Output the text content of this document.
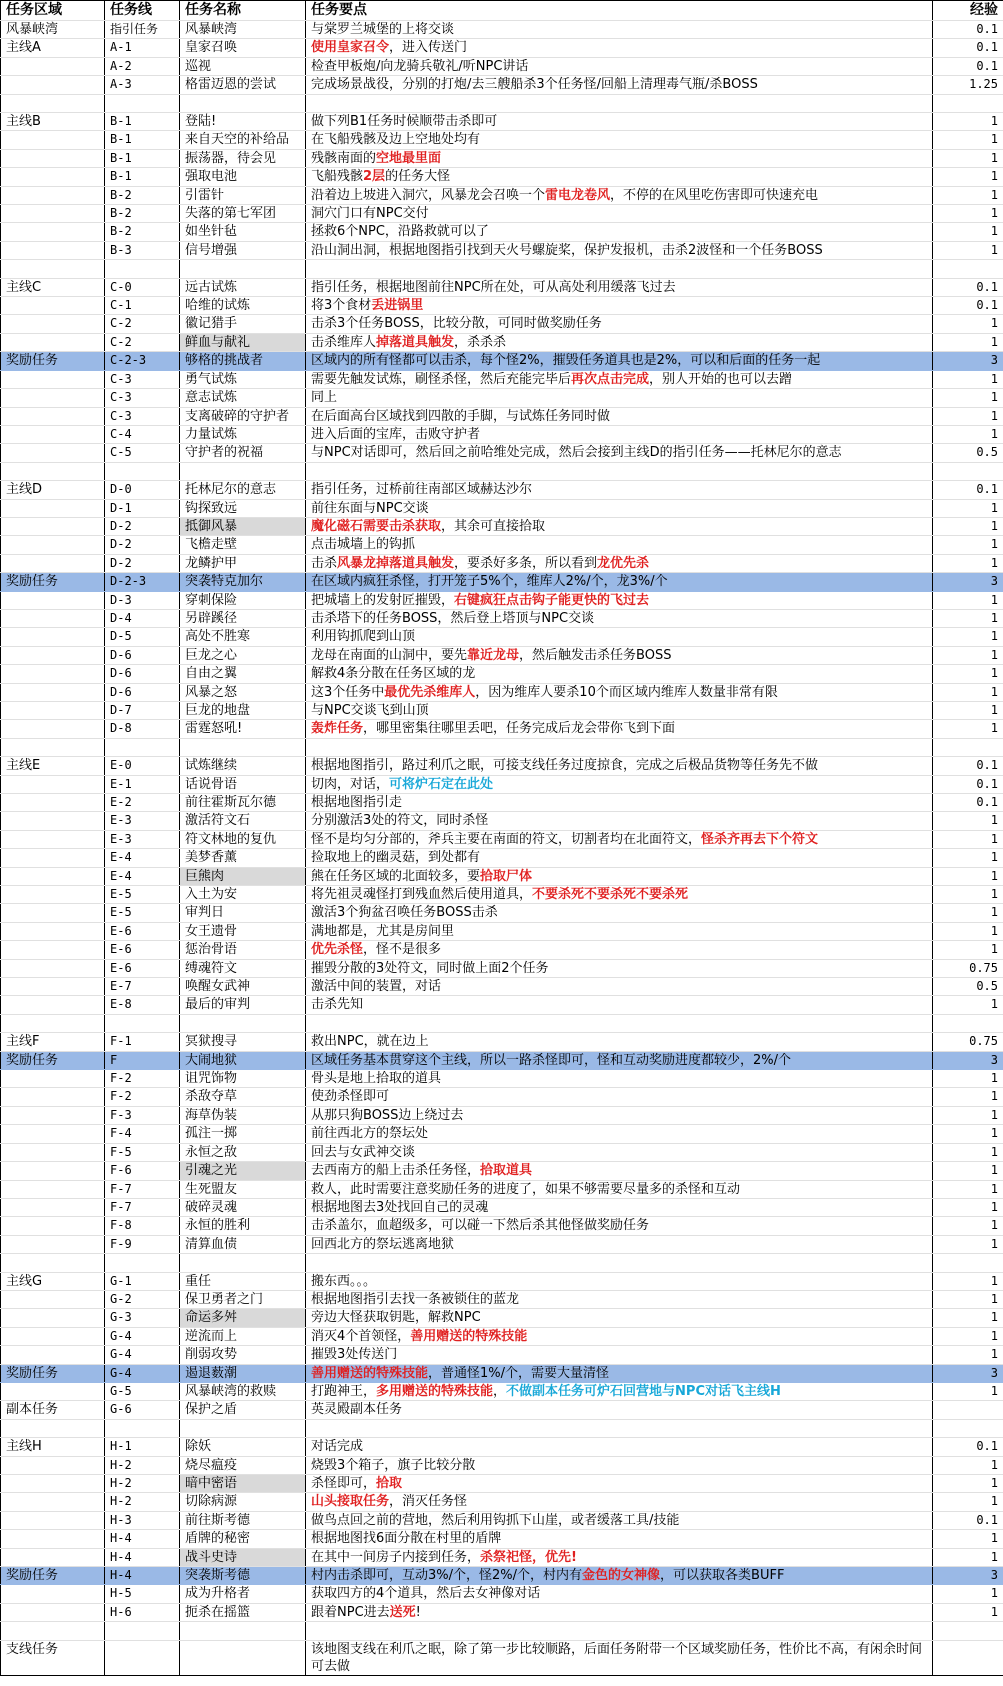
任务区域	任务线	任务名称	任务要点	经验
风暴峡湾	指引任务	风暴峡湾	与棠罗兰城堡的上将交谈	0.1
主线A	A-1	皇家召唤	使用皇家召令，进入传送门	0.1
	A-2	巡视	检查甲板炮/向龙骑兵敬礼/听NPC讲话	0.1
	A-3	格雷迈恩的尝试	完成场景战役，分别的打炮/去三艘船杀3个任务怪/回船上清理毒气瓶/杀BOSS	1.25

主线B	B-1	登陆!	做下列B1任务时候顺带击杀即可	1
	B-1	来自天空的补给品	在飞船残骸及边上空地处均有	1
	B-1	振荡器，待会见	残骸南面的空地最里面	1
	B-1	强取电池	飞船残骸2层的任务大怪	1
	B-2	引雷针	沿着边上坡进入洞穴，风暴龙会召唤一个雷电龙卷风，不停的在风里吃伤害即可快速充电	1
	B-2	失落的第七军团	洞穴门口有NPC交付	1
	B-2	如坐针毡	拯救6个NPC，沿路救就可以了	1
	B-3	信号增强	沿山洞出洞，根据地图指引找到天火号螺旋桨，保护发报机，击杀2波怪和一个任务BOSS	1

主线C	C-0	远古试炼	指引任务，根据地图前往NPC所在处，可从高处利用缓落飞过去	0.1
	C-1	哈维的试炼	将3个食材丢进锅里	0.1
	C-2	徽记猎手	击杀3个任务BOSS，比较分散，可同时做奖励任务	1
	C-2	鲜血与献礼	击杀维库人掉落道具触发，杀杀杀	1
奖励任务	C-2-3	够格的挑战者	区域内的所有怪都可以击杀，每个怪2%，摧毁任务道具也是2%，可以和后面的任务一起	3
	C-3	勇气试炼	需要先触发试炼，刷怪杀怪，然后充能完毕后再次点击完成，别人开始的也可以去蹭	1
	C-3	意志试炼	同上	1
	C-3	支离破碎的守护者	在后面高台区域找到四散的手脚，与试炼任务同时做	1
	C-4	力量试炼	进入后面的宝库，击败守护者	1
	C-5	守护者的祝福	与NPC对话即可，然后回之前哈维处完成，然后会接到主线D的指引任务——托林尼尔的意志	0.5

主线D	D-0	托林尼尔的意志	指引任务，过桥前往南部区域赫达沙尔	0.1
	D-1	钩探致远	前往东面与NPC交谈	1
	D-2	抵御风暴	魔化磁石需要击杀获取，其余可直接拾取	1
	D-2	飞檐走壁	点击城墙上的钩抓	1
	D-2	龙鳞护甲	击杀风暴龙掉落道具触发，要杀好多条，所以看到龙优先杀	1
奖励任务	D-2-3	突袭特克加尔	在区域内疯狂杀怪，打开笼子5%个，维库人2%/个，龙3%/个	3
	D-3	穿刺保险	把城墙上的发射匠摧毁，右键疯狂点击钩子能更快的飞过去	1
	D-4	另辟蹊径	击杀塔下的任务BOSS，然后登上塔顶与NPC交谈	1
	D-5	高处不胜寒	利用钩抓爬到山顶	1
	D-6	巨龙之心	龙母在南面的山洞中，要先靠近龙母，然后触发击杀任务BOSS	1
	D-6	自由之翼	解救4条分散在任务区域的龙	1
	D-6	风暴之怒	这3个任务中最优先杀维库人，因为维库人要杀10个而区域内维库人数量非常有限	1
	D-7	巨龙的地盘	与NPC交谈飞到山顶	1
	D-8	雷霆怒吼!	轰炸任务，哪里密集往哪里丢吧，任务完成后龙会带你飞到下面	1

主线E	E-0	试炼继续	根据地图指引，路过利爪之眠，可接支线任务过度掠食，完成之后极品货物等任务先不做	0.1
	E-1	话说骨语	切肉，对话，可将炉石定在此处	0.1
	E-2	前往霍斯瓦尔德	根据地图指引走	0.1
	E-3	激活符文石	分别激活3处的符文，同时杀怪	1
	E-3	符文林地的复仇	怪不是均匀分部的，斧兵主要在南面的符文，切割者均在北面符文，怪杀齐再去下个符文	1
	E-4	美梦香薰	捡取地上的幽灵菇，到处都有	1
	E-4	巨熊肉	熊在任务区域的北面较多，要拾取尸体	1
	E-5	入土为安	将先祖灵魂怪打到残血然后使用道具，不要杀死不要杀死不要杀死	1
	E-5	审判日	激活3个狗盆召唤任务BOSS击杀	1
	E-6	女王遗骨	满地都是，尤其是房间里	1
	E-6	惩治骨语	优先杀怪，怪不是很多	1
	E-6	缚魂符文	摧毁分散的3处符文，同时做上面2个任务	0.75
	E-7	唤醒女武神	激活中间的装置，对话	0.5
	E-8	最后的审判	击杀先知	1

主线F	F-1	冥狱搜寻	救出NPC，就在边上	0.75
奖励任务	F	大闹地狱	区域任务基本贯穿这个主线，所以一路杀怪即可，怪和互动奖励进度都较少，2%/个	3
	F-2	诅咒饰物	骨头是地上拾取的道具	1
	F-2	杀敌夺草	使劲杀怪即可	1
	F-3	海草伪装	从那只狗BOSS边上绕过去	1
	F-4	孤注一掷	前往西北方的祭坛处	1
	F-5	永恒之敌	回去与女武神交谈	1
	F-6	引魂之光	去西南方的船上击杀任务怪，拾取道具	1
	F-7	生死盟友	救人，此时需要注意奖励任务的进度了，如果不够需要尽量多的杀怪和互动	1
	F-7	破碎灵魂	根据地图去3处找回自己的灵魂	1
	F-8	永恒的胜利	击杀盖尔，血超级多，可以碰一下然后杀其他怪做奖励任务	1
	F-9	清算血债	回西北方的祭坛逃离地狱	1

主线G	G-1	重任	搬东西。。。	1
	G-2	保卫勇者之门	根据地图指引去找一条被锁住的蓝龙	1
	G-3	命运多舛	旁边大怪获取钥匙，解救NPC	1
	G-4	逆流而上	消灭4个首领怪，善用赠送的特殊技能	1
	G-4	削弱攻势	摧毁3处传送门	1
奖励任务	G-4	遏退薮潮	善用赠送的特殊技能，普通怪1%/个，需要大量清怪	3
	G-5	风暴峡湾的救赎	打跑神王，多用赠送的特殊技能，不做副本任务可炉石回营地与NPC对话飞主线H	1
副本任务	G-6	保护之盾	英灵殿副本任务	

主线H	H-1	除妖	对话完成	0.1
	H-2	烧尽瘟疫	烧毁3个箱子，旗子比较分散	1
	H-2	暗中密语	杀怪即可，拾取	1
	H-2	切除病源	山头接取任务，消灭任务怪	1
	H-3	前往斯考德	做鸟点回之前的营地，然后利用钩抓下山崖，或者缓落工具/技能	0.1
	H-4	盾牌的秘密	根据地图找6面分散在村里的盾牌	1
	H-4	战斗史诗	在其中一间房子内接到任务，杀祭祀怪，优先!	1
奖励任务	H-4	突袭斯考德	村内击杀即可，互动3%/个，怪2%/个，村内有金色的女神像，可以获取各类BUFF	3
	H-5	成为升格者	获取四方的4个道具，然后去女神像对话	1
	H-6	扼杀在摇篮	跟着NPC进去送死!	1

支线任务			该地图支线在利爪之眠，除了第一步比较顺路，后面任务附带一个区域奖励任务，性价比不高，有闲余时间可去做	
